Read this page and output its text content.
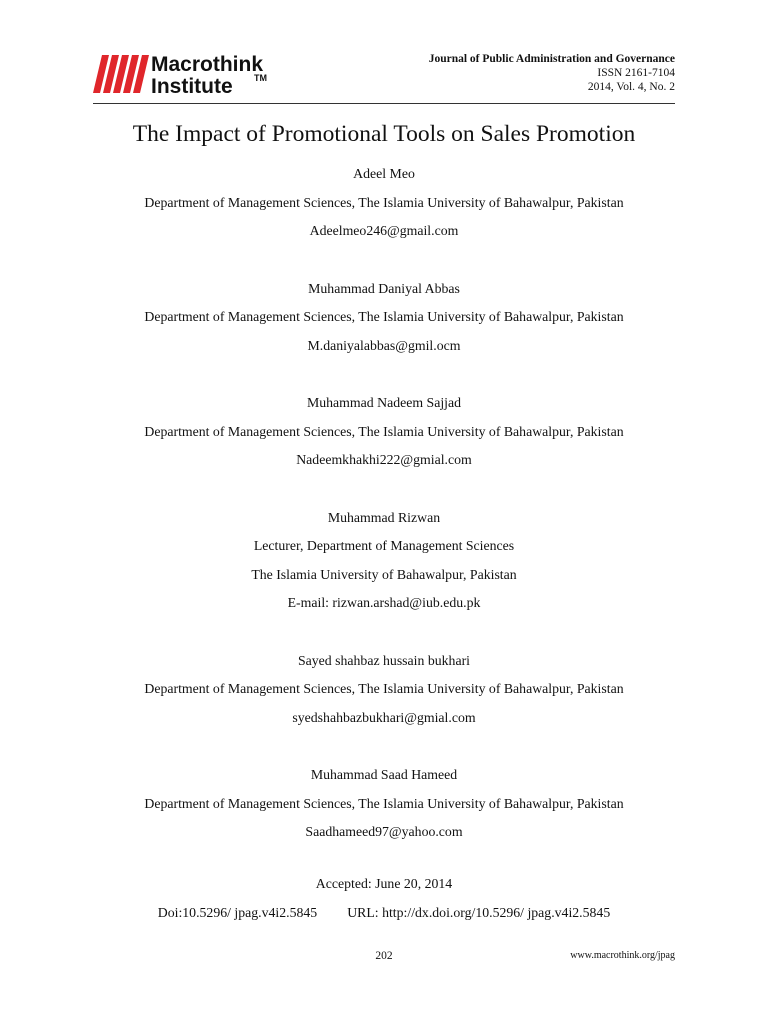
Macrothink
Institute TM
Journal of Public Administration and Governance
ISSN 2161-7104
2014, Vol. 4, No. 2
The Impact of Promotional Tools on Sales Promotion
Adeel Meo
Department of Management Sciences, The Islamia University of Bahawalpur, Pakistan
Adeelmeo246@gmail.com
Muhammad Daniyal Abbas
Department of Management Sciences, The Islamia University of Bahawalpur, Pakistan
M.daniyalabbas@gmil.ocm
Muhammad Nadeem Sajjad
Department of Management Sciences, The Islamia University of Bahawalpur, Pakistan
Nadeemkhakhi222@gmial.com
Muhammad Rizwan
Lecturer, Department of Management Sciences
The Islamia University of Bahawalpur, Pakistan
E-mail: rizwan.arshad@iub.edu.pk
Sayed shahbaz hussain bukhari
Department of Management Sciences, The Islamia University of Bahawalpur, Pakistan
syedshahbazbukhari@gmial.com
Muhammad Saad Hameed
Department of Management Sciences, The Islamia University of Bahawalpur, Pakistan
Saadhameed97@yahoo.com
Accepted: June 20, 2014
Doi:10.5296/ jpag.v4i2.5845 URL: http://dx.doi.org/10.5296/ jpag.v4i2.5845
202	www.macrothink.org/jpag
